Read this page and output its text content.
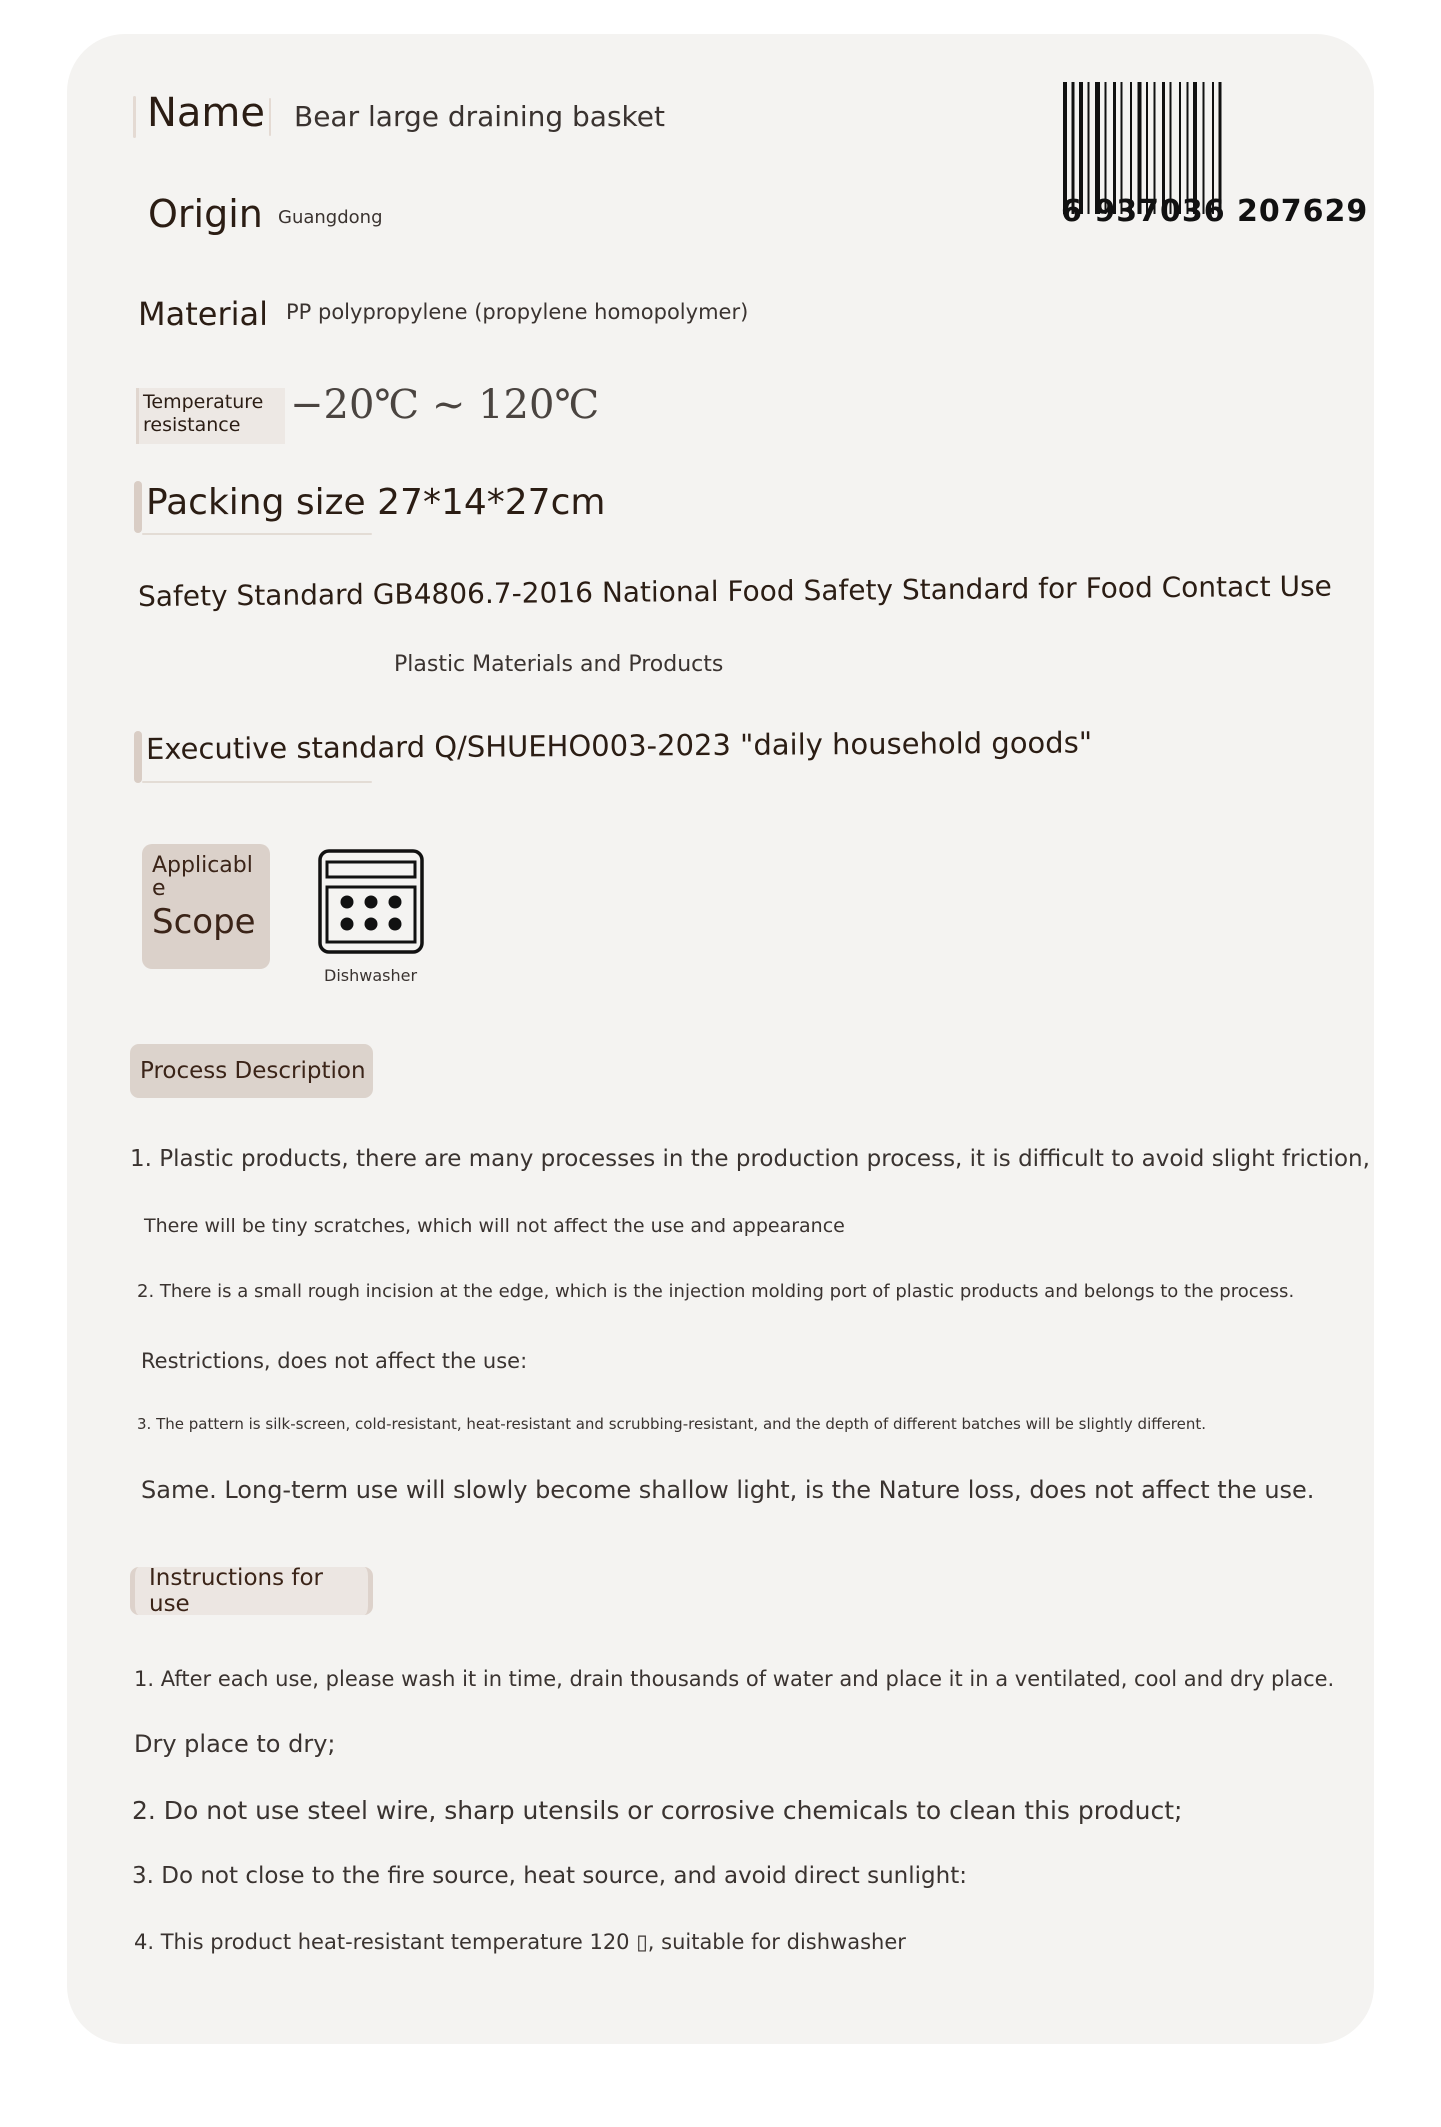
Name Bear large draining basket
Origin Guangdong	6 937036 207629
Material PP polypropylene (propylene homopolymer)
Temperature
resistance	−20℃ ~ 120℃
Packing size 27*14*27cm
Safety Standard GB4806.7-2016 National Food Safety Standard for Food Contact Use
Plastic Materials and Products
Executive standard Q/SHUEHO003-2023 "daily household goods"
Applicabl
e
Scope
Dishwasher
Process Description
1. Plastic products, there are many processes in the production process, it is difficult to avoid slight friction,
There will be tiny scratches, which will not affect the use and appearance
2. There is a small rough incision at the edge, which is the injection molding port of plastic products and belongs to the process.
Restrictions, does not affect the use:
3. The pattern is silk-screen, cold-resistant, heat-resistant and scrubbing-resistant, and the depth of different batches will be slightly different.
Same. Long-term use will slowly become shallow light, is the Nature loss, does not affect the use.
Instructions for use
1. After each use, please wash it in time, drain thousands of water and place it in a ventilated, cool and dry place.
Dry place to dry;
2. Do not use steel wire, sharp utensils or corrosive chemicals to clean this product;
3. Do not close to the fire source, heat source, and avoid direct sunlight:
4. This product heat-resistant temperature 120 ▯, suitable for dishwasher
